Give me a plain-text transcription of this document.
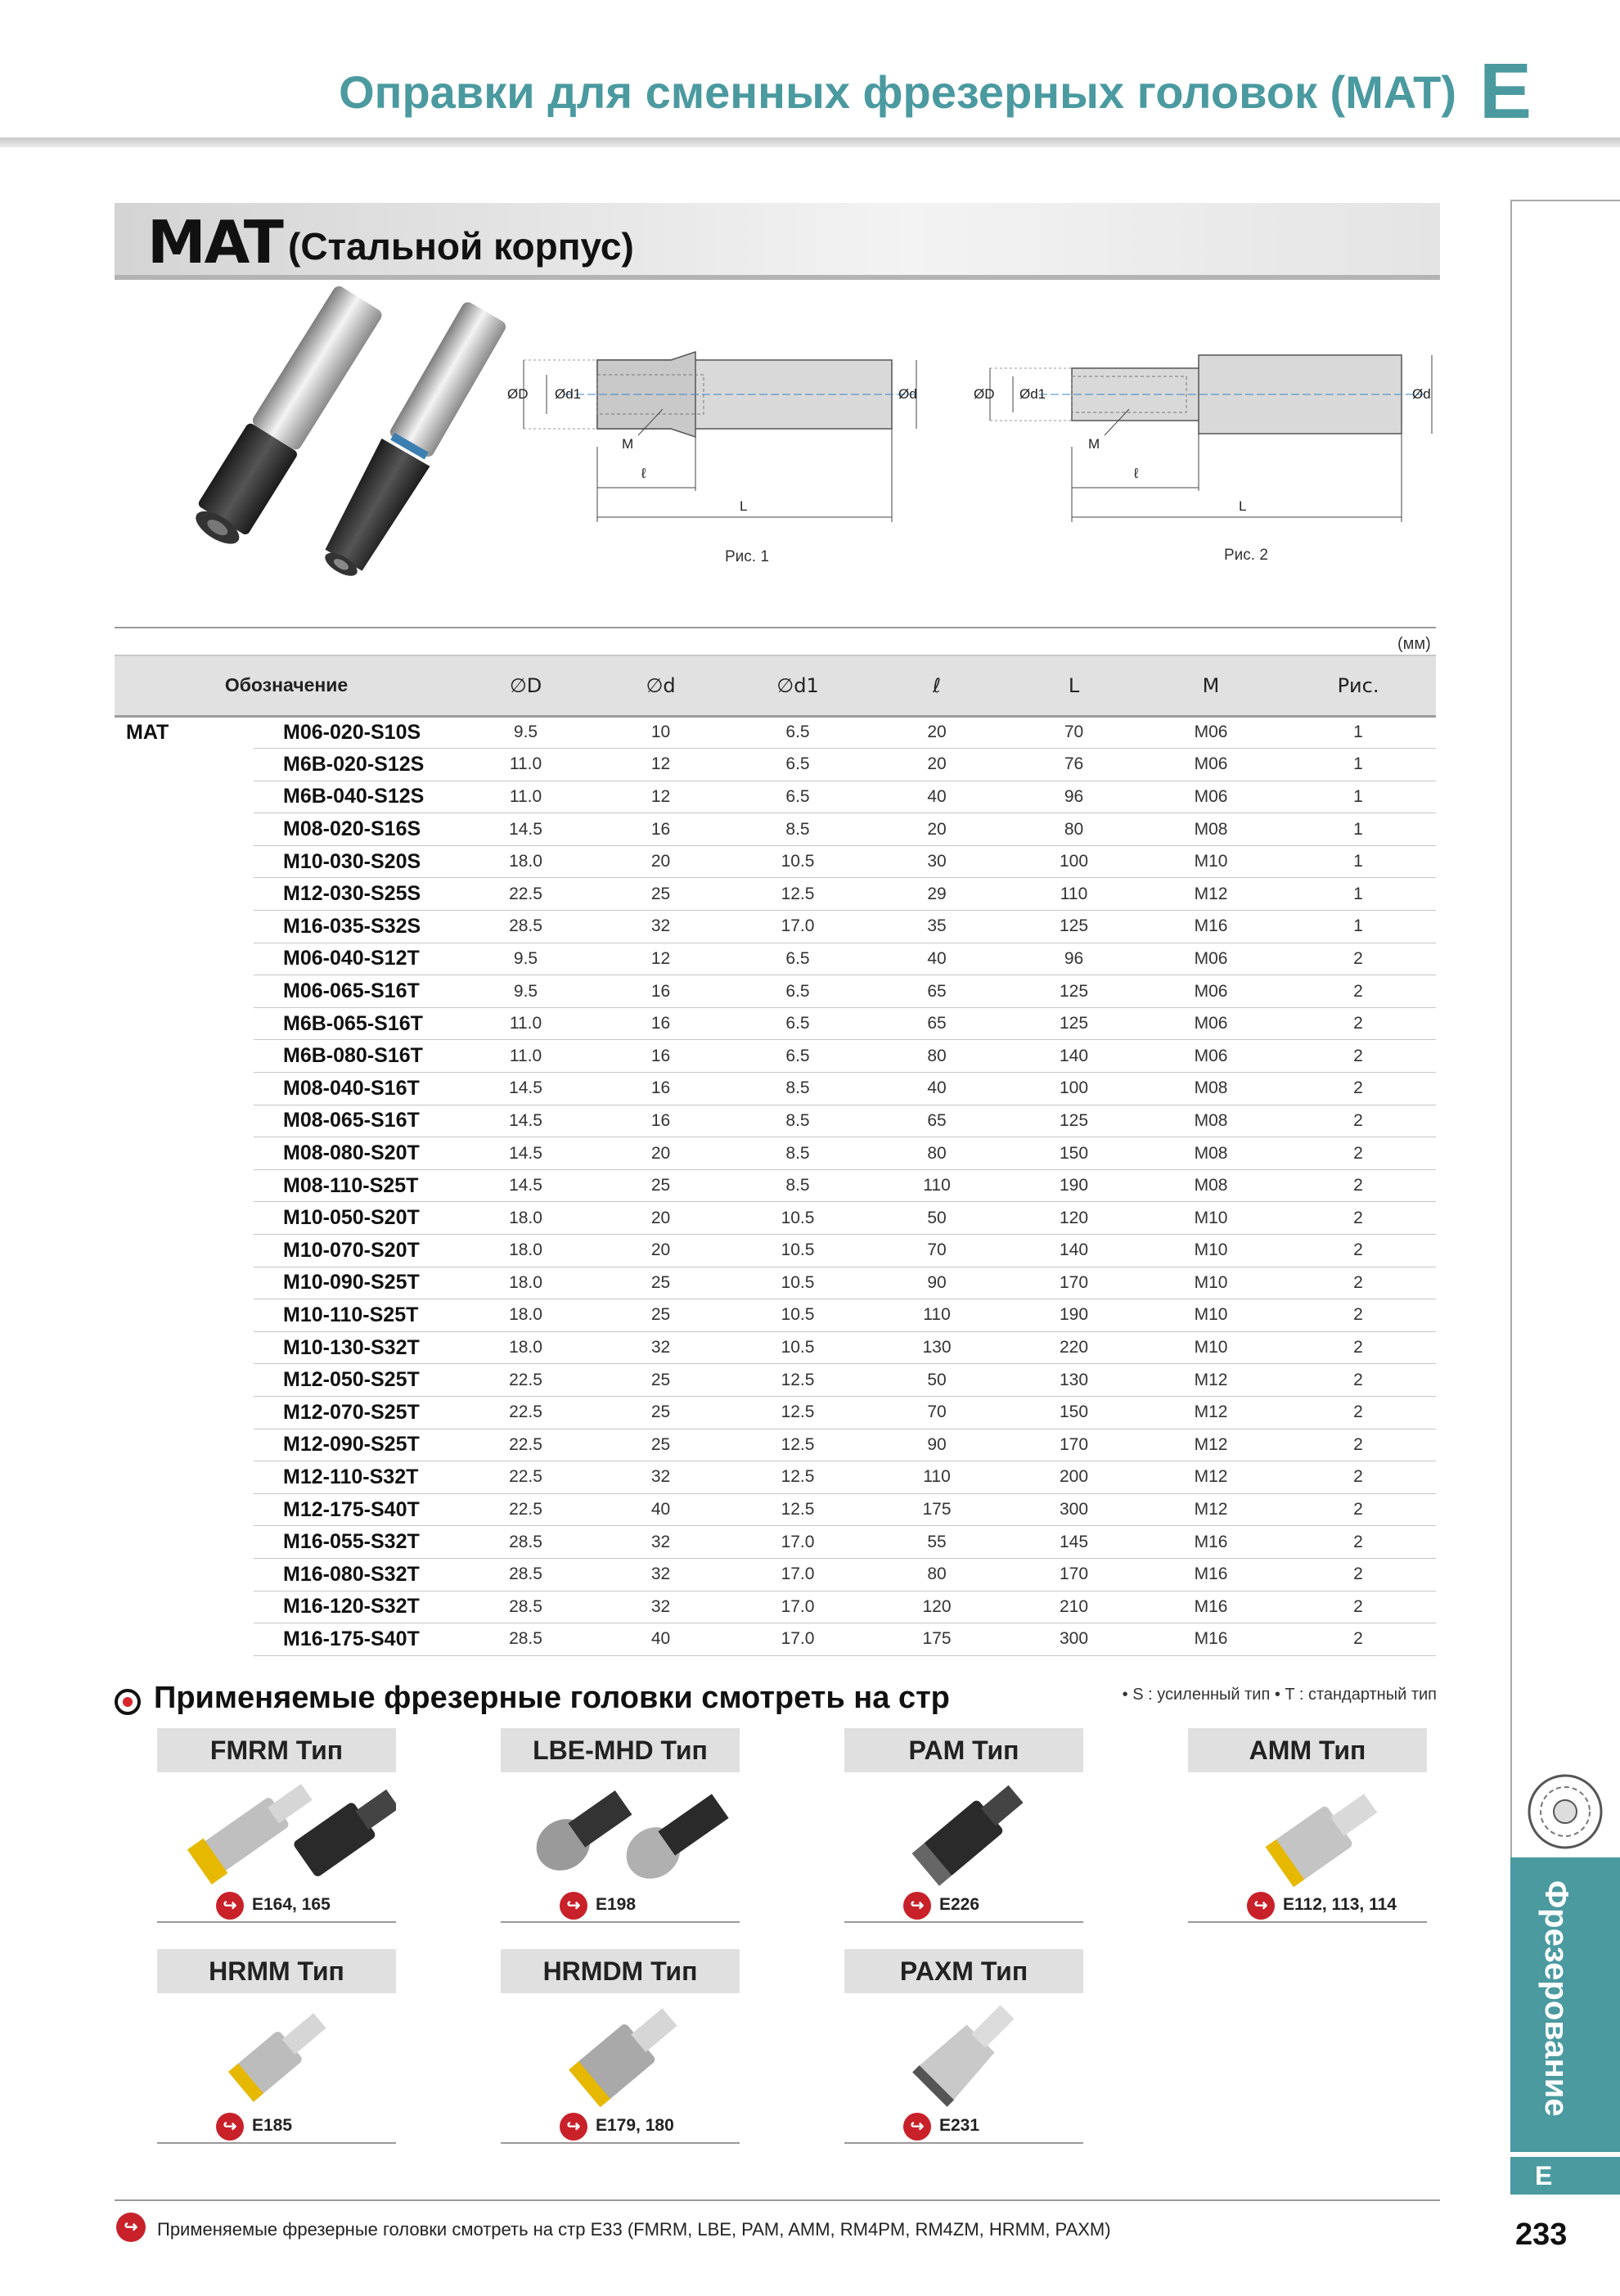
Оправки для сменных фрезерных головок (MAT) E
MAT (Стальной корпус)
ØD Ød1	Ød
M
ℓ
L
Рис. 1
ØD Ød1	Ød
M
ℓ
L
Рис. 2
(мм)
Обозначение		∅D	∅d	∅d1	ℓ	L	M	Рис.
MAT	M06-020-S10S	9.5	10	6.5	20	70	M06	1
	M6B-020-S12S	11.0	12	6.5	20	76	M06	1
	M6B-040-S12S	11.0	12	6.5	40	96	M06	1
	M08-020-S16S	14.5	16	8.5	20	80	M08	1
	M10-030-S20S	18.0	20	10.5	30	100	M10	1
	M12-030-S25S	22.5	25	12.5	29	110	M12	1
	M16-035-S32S	28.5	32	17.0	35	125	M16	1
	M06-040-S12T	9.5	12	6.5	40	96	M06	2
	M06-065-S16T	9.5	16	6.5	65	125	M06	2
	M6B-065-S16T	11.0	16	6.5	65	125	M06	2
	M6B-080-S16T	11.0	16	6.5	80	140	M06	2
	M08-040-S16T	14.5	16	8.5	40	100	M08	2
	M08-065-S16T	14.5	16	8.5	65	125	M08	2
	M08-080-S20T	14.5	20	8.5	80	150	M08	2
	M08-110-S25T	14.5	25	8.5	110	190	M08	2
	M10-050-S20T	18.0	20	10.5	50	120	M10	2
	M10-070-S20T	18.0	20	10.5	70	140	M10	2
	M10-090-S25T	18.0	25	10.5	90	170	M10	2
	M10-110-S25T	18.0	25	10.5	110	190	M10	2
	M10-130-S32T	18.0	32	10.5	130	220	M10	2
	M12-050-S25T	22.5	25	12.5	50	130	M12	2
	M12-070-S25T	22.5	25	12.5	70	150	M12	2
	M12-090-S25T	22.5	25	12.5	90	170	M12	2
	M12-110-S32T	22.5	32	12.5	110	200	M12	2
	M12-175-S40T	22.5	40	12.5	175	300	M12	2
	M16-055-S32T	28.5	32	17.0	55	145	M16	2
	M16-080-S32T	28.5	32	17.0	80	170	M16	2
	M16-120-S32T	28.5	32	17.0	120	210	M16	2
	M16-175-S40T	28.5	40	17.0	175	300	M16	2
• S : усиленный тип • T : стандартный тип
Применяемые фрезерные головки смотреть на стр
FMRM Тип
↪ E164, 165
LBE-MHD Тип
↪ E198
PAM Тип
↪ E226
AMM Тип
↪ E112, 113, 114
HRMM Тип
↪ E185
HRMDM Тип
↪ E179, 180
PAXM Тип
↪ E231
↪	Применяемые фрезерные головки смотреть на стр E33 (FMRM, LBE, PAM, AMM, RM4PM, RM4ZM, HRMM, PAXM)
Фрезерование
E
233
